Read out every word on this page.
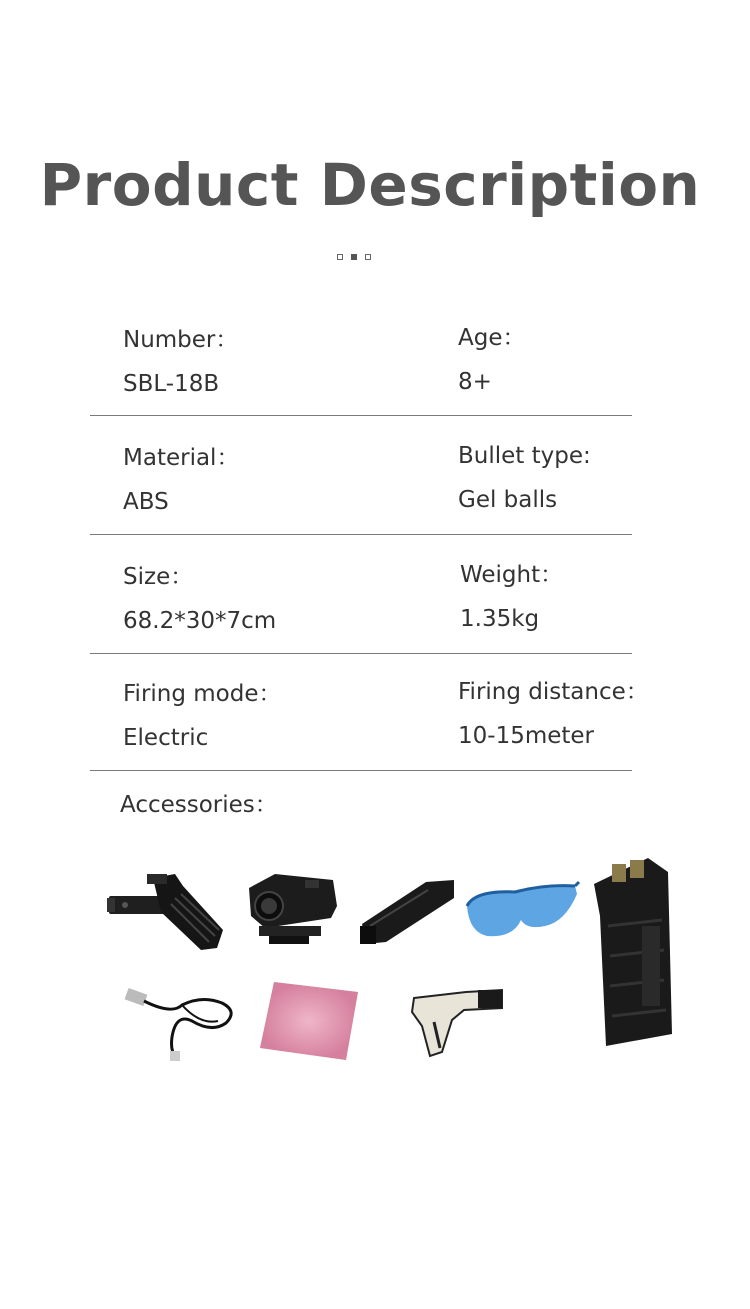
Product Description
Number：
SBL-18B
Age：
8+
Material：
ABS
Bullet type:
Gel balls
Size：
68.2*30*7cm
Weight：
1.35kg
Firing mode：
Electric
Firing distance：
10-15meter
Accessories：
